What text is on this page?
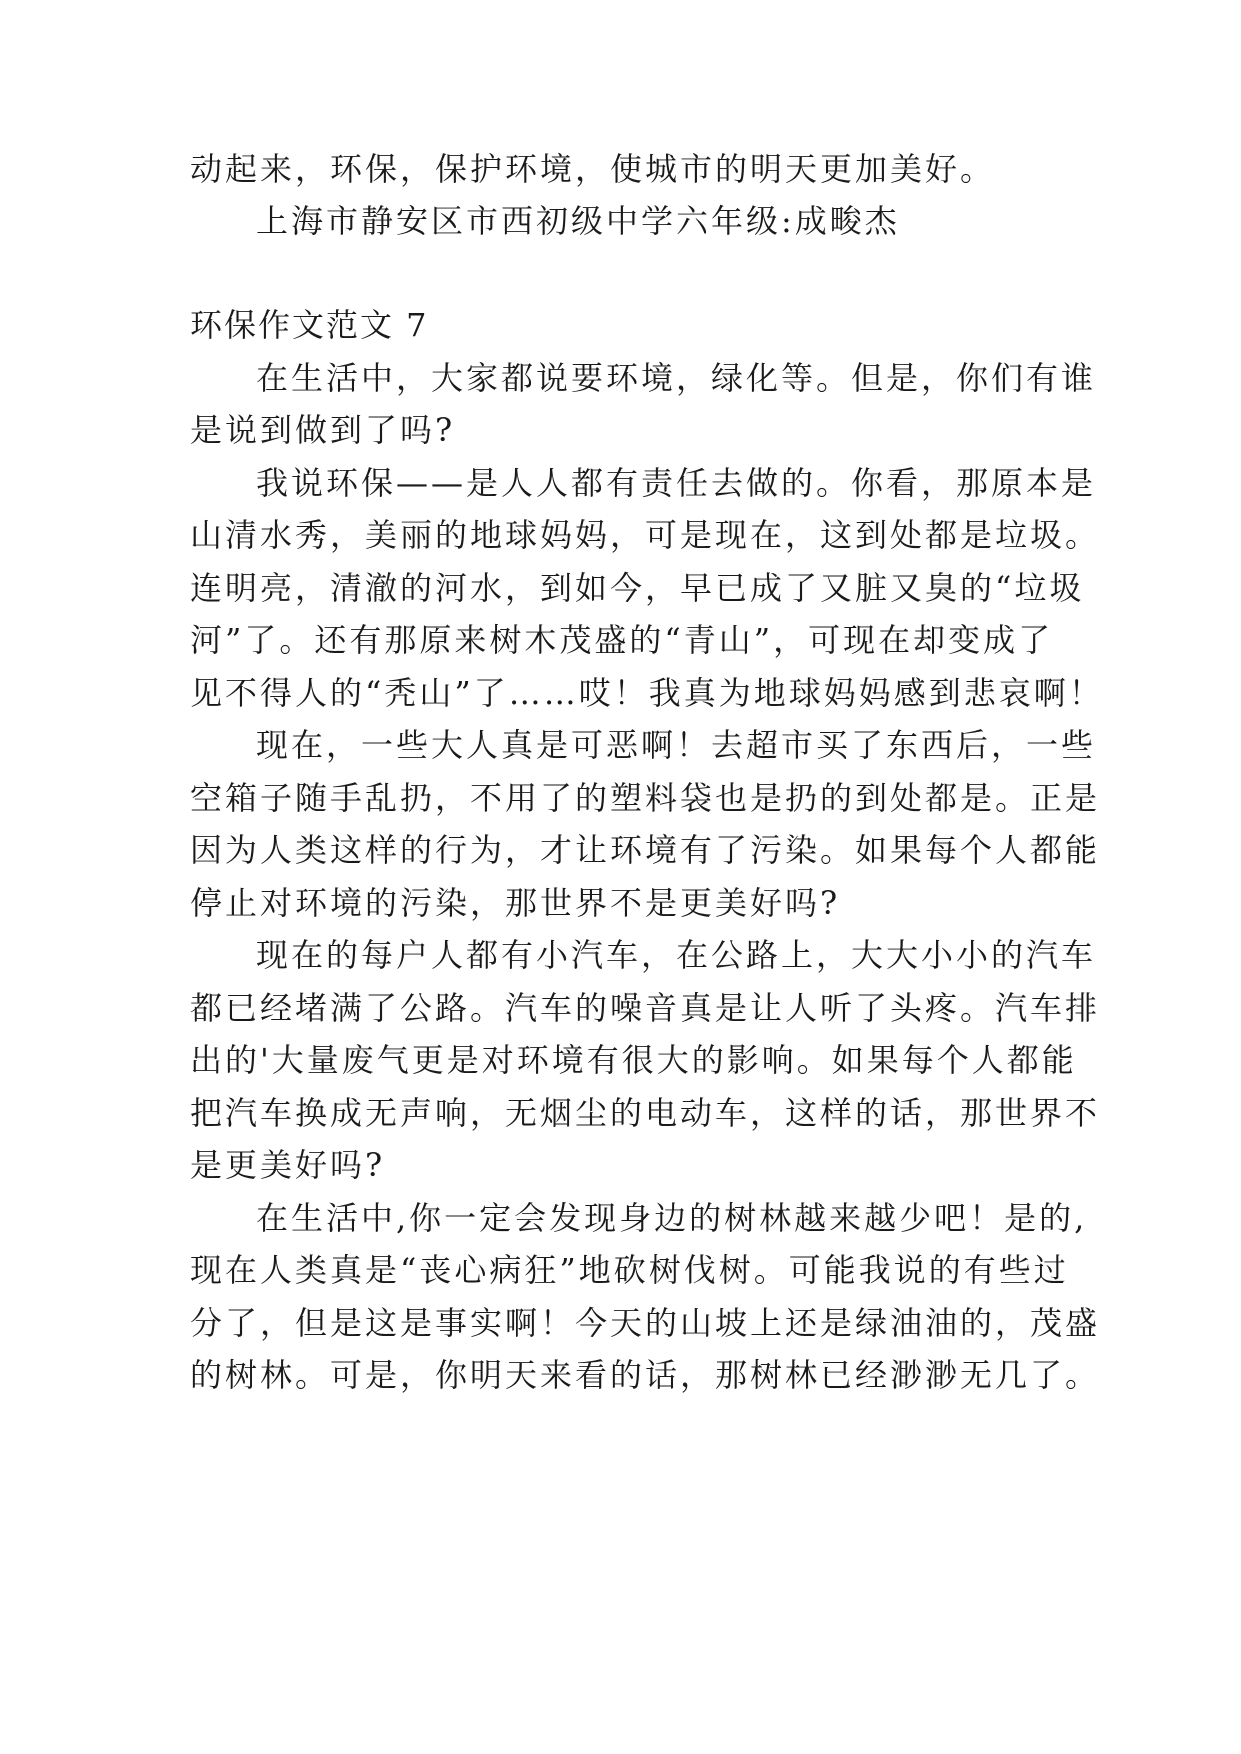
动起来，环保，保护环境，使城市的明天更加美好。
上海市静安区市西初级中学六年级:成畯杰
环保作文范文 7
在生活中，大家都说要环境，绿化等。但是，你们有谁
是说到做到了吗?
我说环保——是人人都有责任去做的。你看，那原本是
山清水秀，美丽的地球妈妈，可是现在，这到处都是垃圾。
连明亮，清澈的河水，到如今，早已成了又脏又臭的“垃圾
河”了。还有那原来树木茂盛的“青山”，可现在却变成了
见不得人的“秃山”了……哎！我真为地球妈妈感到悲哀啊！
现在，一些大人真是可恶啊！去超市买了东西后，一些
空箱子随手乱扔，不用了的塑料袋也是扔的到处都是。正是
因为人类这样的行为，才让环境有了污染。如果每个人都能
停止对环境的污染，那世界不是更美好吗?
现在的每户人都有小汽车，在公路上，大大小小的汽车
都已经堵满了公路。汽车的噪音真是让人听了头疼。汽车排
出的'大量废气更是对环境有很大的影响。如果每个人都能
把汽车换成无声响，无烟尘的电动车，这样的话，那世界不
是更美好吗?
在生活中,你一定会发现身边的树林越来越少吧！是的,
现在人类真是“丧心病狂”地砍树伐树。可能我说的有些过
分了，但是这是事实啊！今天的山坡上还是绿油油的，茂盛
的树林。可是，你明天来看的话，那树林已经渺渺无几了。
